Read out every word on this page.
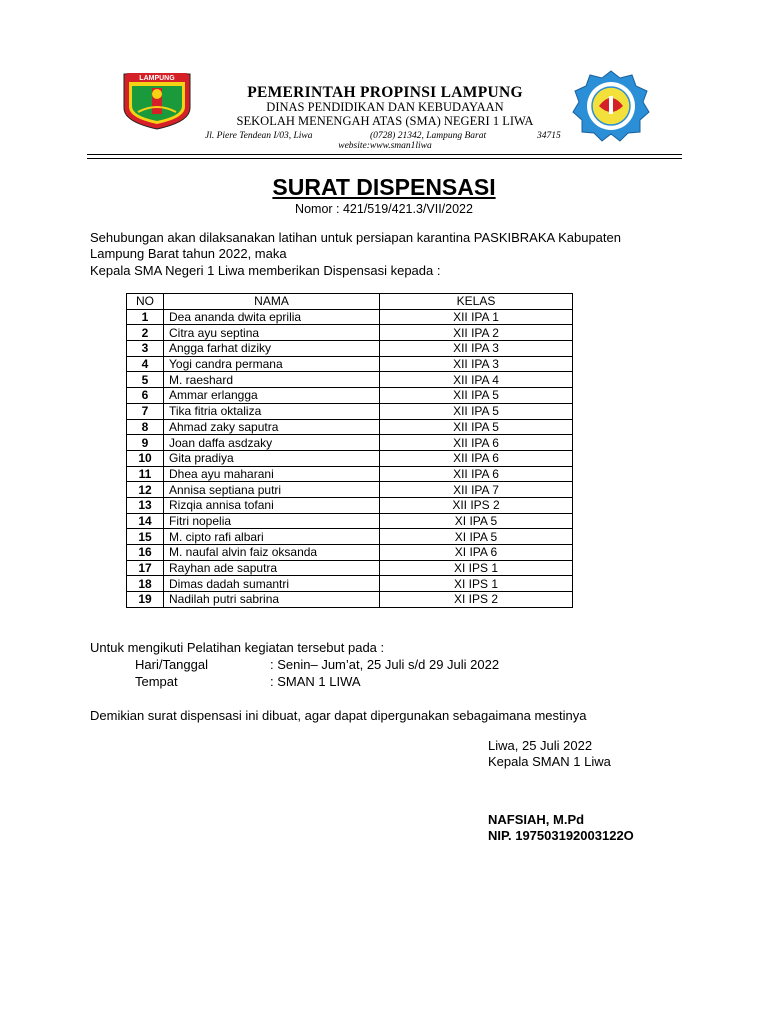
LAMPUNG
PEMERINTAH PROPINSI LAMPUNG
DINAS PENDIDIKAN DAN KEBUDAYAAN
SEKOLAH MENENGAH ATAS (SMA) NEGERI 1 LIWA
Jl. Piere Tendean I/03, Liwa	(0728) 21342, Lampung Barat	34715
website:www.sman1liwa
SURAT DISPENSASI
Nomor : 421/519/421.3/VII/2022
Sehubungan akan dilaksanakan latihan untuk persiapan karantina PASKIBRAKA Kabupaten
Lampung Barat tahun 2022, maka
Kepala SMA Negeri 1 Liwa memberikan Dispensasi kepada :
NO	NAMA	KELAS
1	Dea ananda dwita eprilia	XII IPA 1
2	Citra ayu septina	XII IPA 2
3	Angga farhat diziky	XII IPA 3
4	Yogi candra permana	XII IPA 3
5	M. raeshard	XII IPA 4
6	Ammar erlangga	XII IPA 5
7	Tika fitria oktaliza	XII IPA 5
8	Ahmad zaky saputra	XII IPA 5
9	Joan daffa asdzaky	XII IPA 6
10	Gita pradiya	XII IPA 6
11	Dhea ayu maharani	XII IPA 6
12	Annisa septiana putri	XII IPA 7
13	Rizqia annisa tofani	XII IPS 2
14	Fitri nopelia	XI IPA 5
15	M. cipto rafi albari	XI IPA 5
16	M. naufal alvin faiz oksanda	XI IPA 6
17	Rayhan ade saputra	XI IPS 1
18	Dimas dadah sumantri	XI IPS 1
19	Nadilah putri sabrina	XI IPS 2
Untuk mengikuti Pelatihan kegiatan tersebut pada :
Hari/Tanggal	: Senin– Jum’at, 25 Juli s/d 29 Juli 2022
Tempat	: SMAN 1 LIWA
Demikian surat dispensasi ini dibuat, agar dapat dipergunakan sebagaimana mestinya
Liwa, 25 Juli 2022
Kepala SMAN 1 Liwa
NAFSIAH, M.Pd
NIP. 197503192003122O
